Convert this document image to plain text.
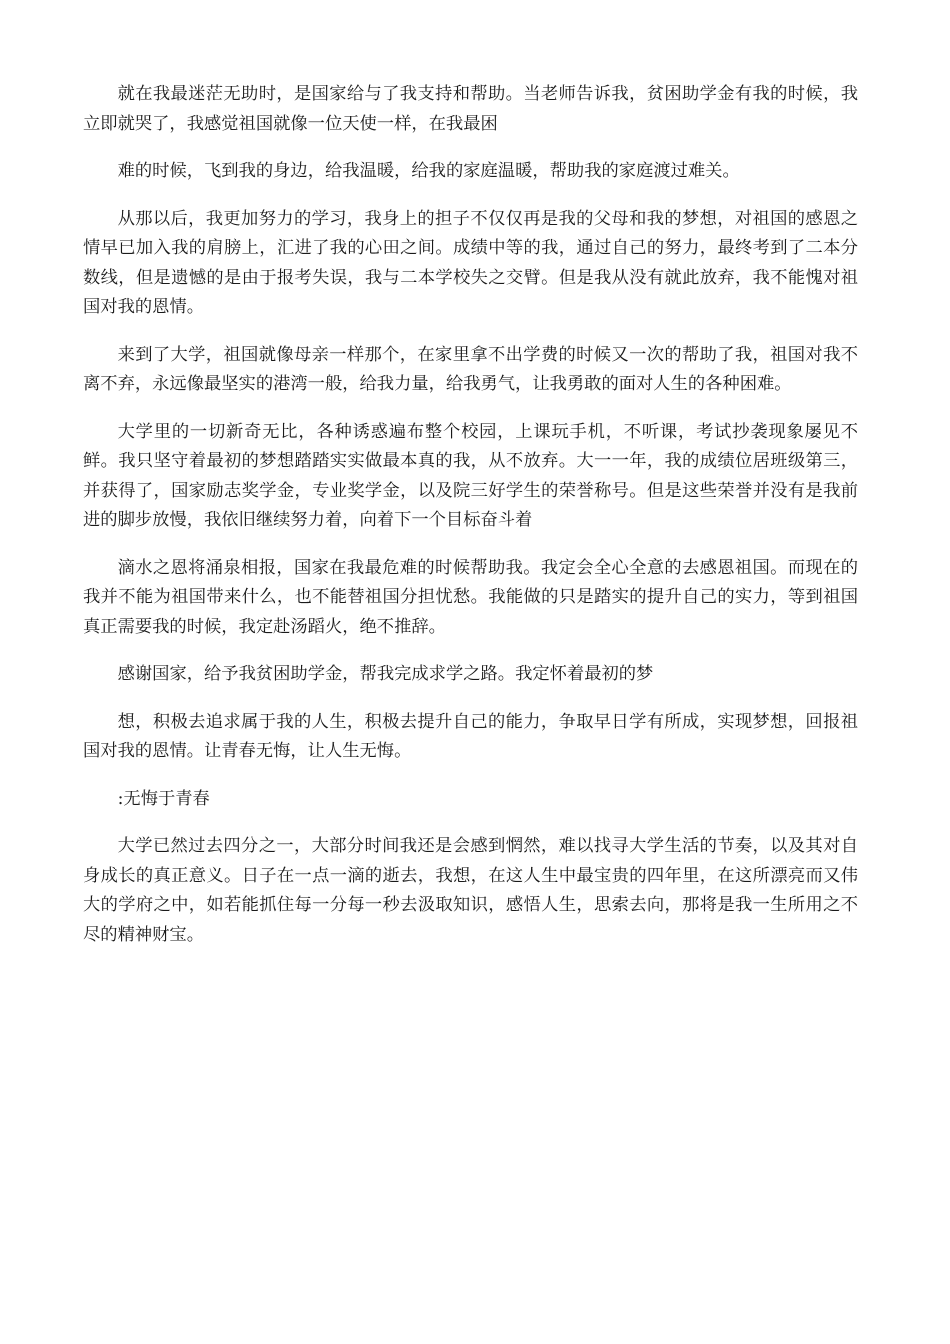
就在我最迷茫无助时，是国家给与了我支持和帮助。当老师告诉我，贫困助学金有我的时候，我立即就哭了，我感觉祖国就像一位天使一样，在我最困

难的时候，飞到我的身边，给我温暖，给我的家庭温暖，帮助我的家庭渡过难关。

从那以后，我更加努力的学习，我身上的担子不仅仅再是我的父母和我的梦想，对祖国的感恩之情早已加入我的肩膀上，汇进了我的心田之间。成绩中等的我，通过自己的努力，最终考到了二本分数线，但是遗憾的是由于报考失误，我与二本学校失之交臂。但是我从没有就此放弃，我不能愧对祖国对我的恩情。

来到了大学，祖国就像母亲一样那个，在家里拿不出学费的时候又一次的帮助了我，祖国对我不离不弃，永远像最坚实的港湾一般，给我力量，给我勇气，让我勇敢的面对人生的各种困难。

大学里的一切新奇无比，各种诱惑遍布整个校园，上课玩手机，不听课，考试抄袭现象屡见不鲜。我只坚守着最初的梦想踏踏实实做最本真的我，从不放弃。大一一年，我的成绩位居班级第三，并获得了，国家励志奖学金，专业奖学金，以及院三好学生的荣誉称号。但是这些荣誉并没有是我前进的脚步放慢，我依旧继续努力着，向着下一个目标奋斗着

滴水之恩将涌泉相报，国家在我最危难的时候帮助我。我定会全心全意的去感恩祖国。而现在的我并不能为祖国带来什么，也不能替祖国分担忧愁。我能做的只是踏实的提升自己的实力，等到祖国真正需要我的时候，我定赴汤蹈火，绝不推辞。

感谢国家，给予我贫困助学金，帮我完成求学之路。我定怀着最初的梦

想，积极去追求属于我的人生，积极去提升自己的能力，争取早日学有所成，实现梦想，回报祖国对我的恩情。让青春无悔，让人生无悔。

:无悔于青春

大学已然过去四分之一，大部分时间我还是会感到惘然，难以找寻大学生活的节奏，以及其对自身成长的真正意义。日子在一点一滴的逝去，我想，在这人生中最宝贵的四年里，在这所漂亮而又伟大的学府之中，如若能抓住每一分每一秒去汲取知识，感悟人生，思索去向，那将是我一生所用之不尽的精神财宝。
